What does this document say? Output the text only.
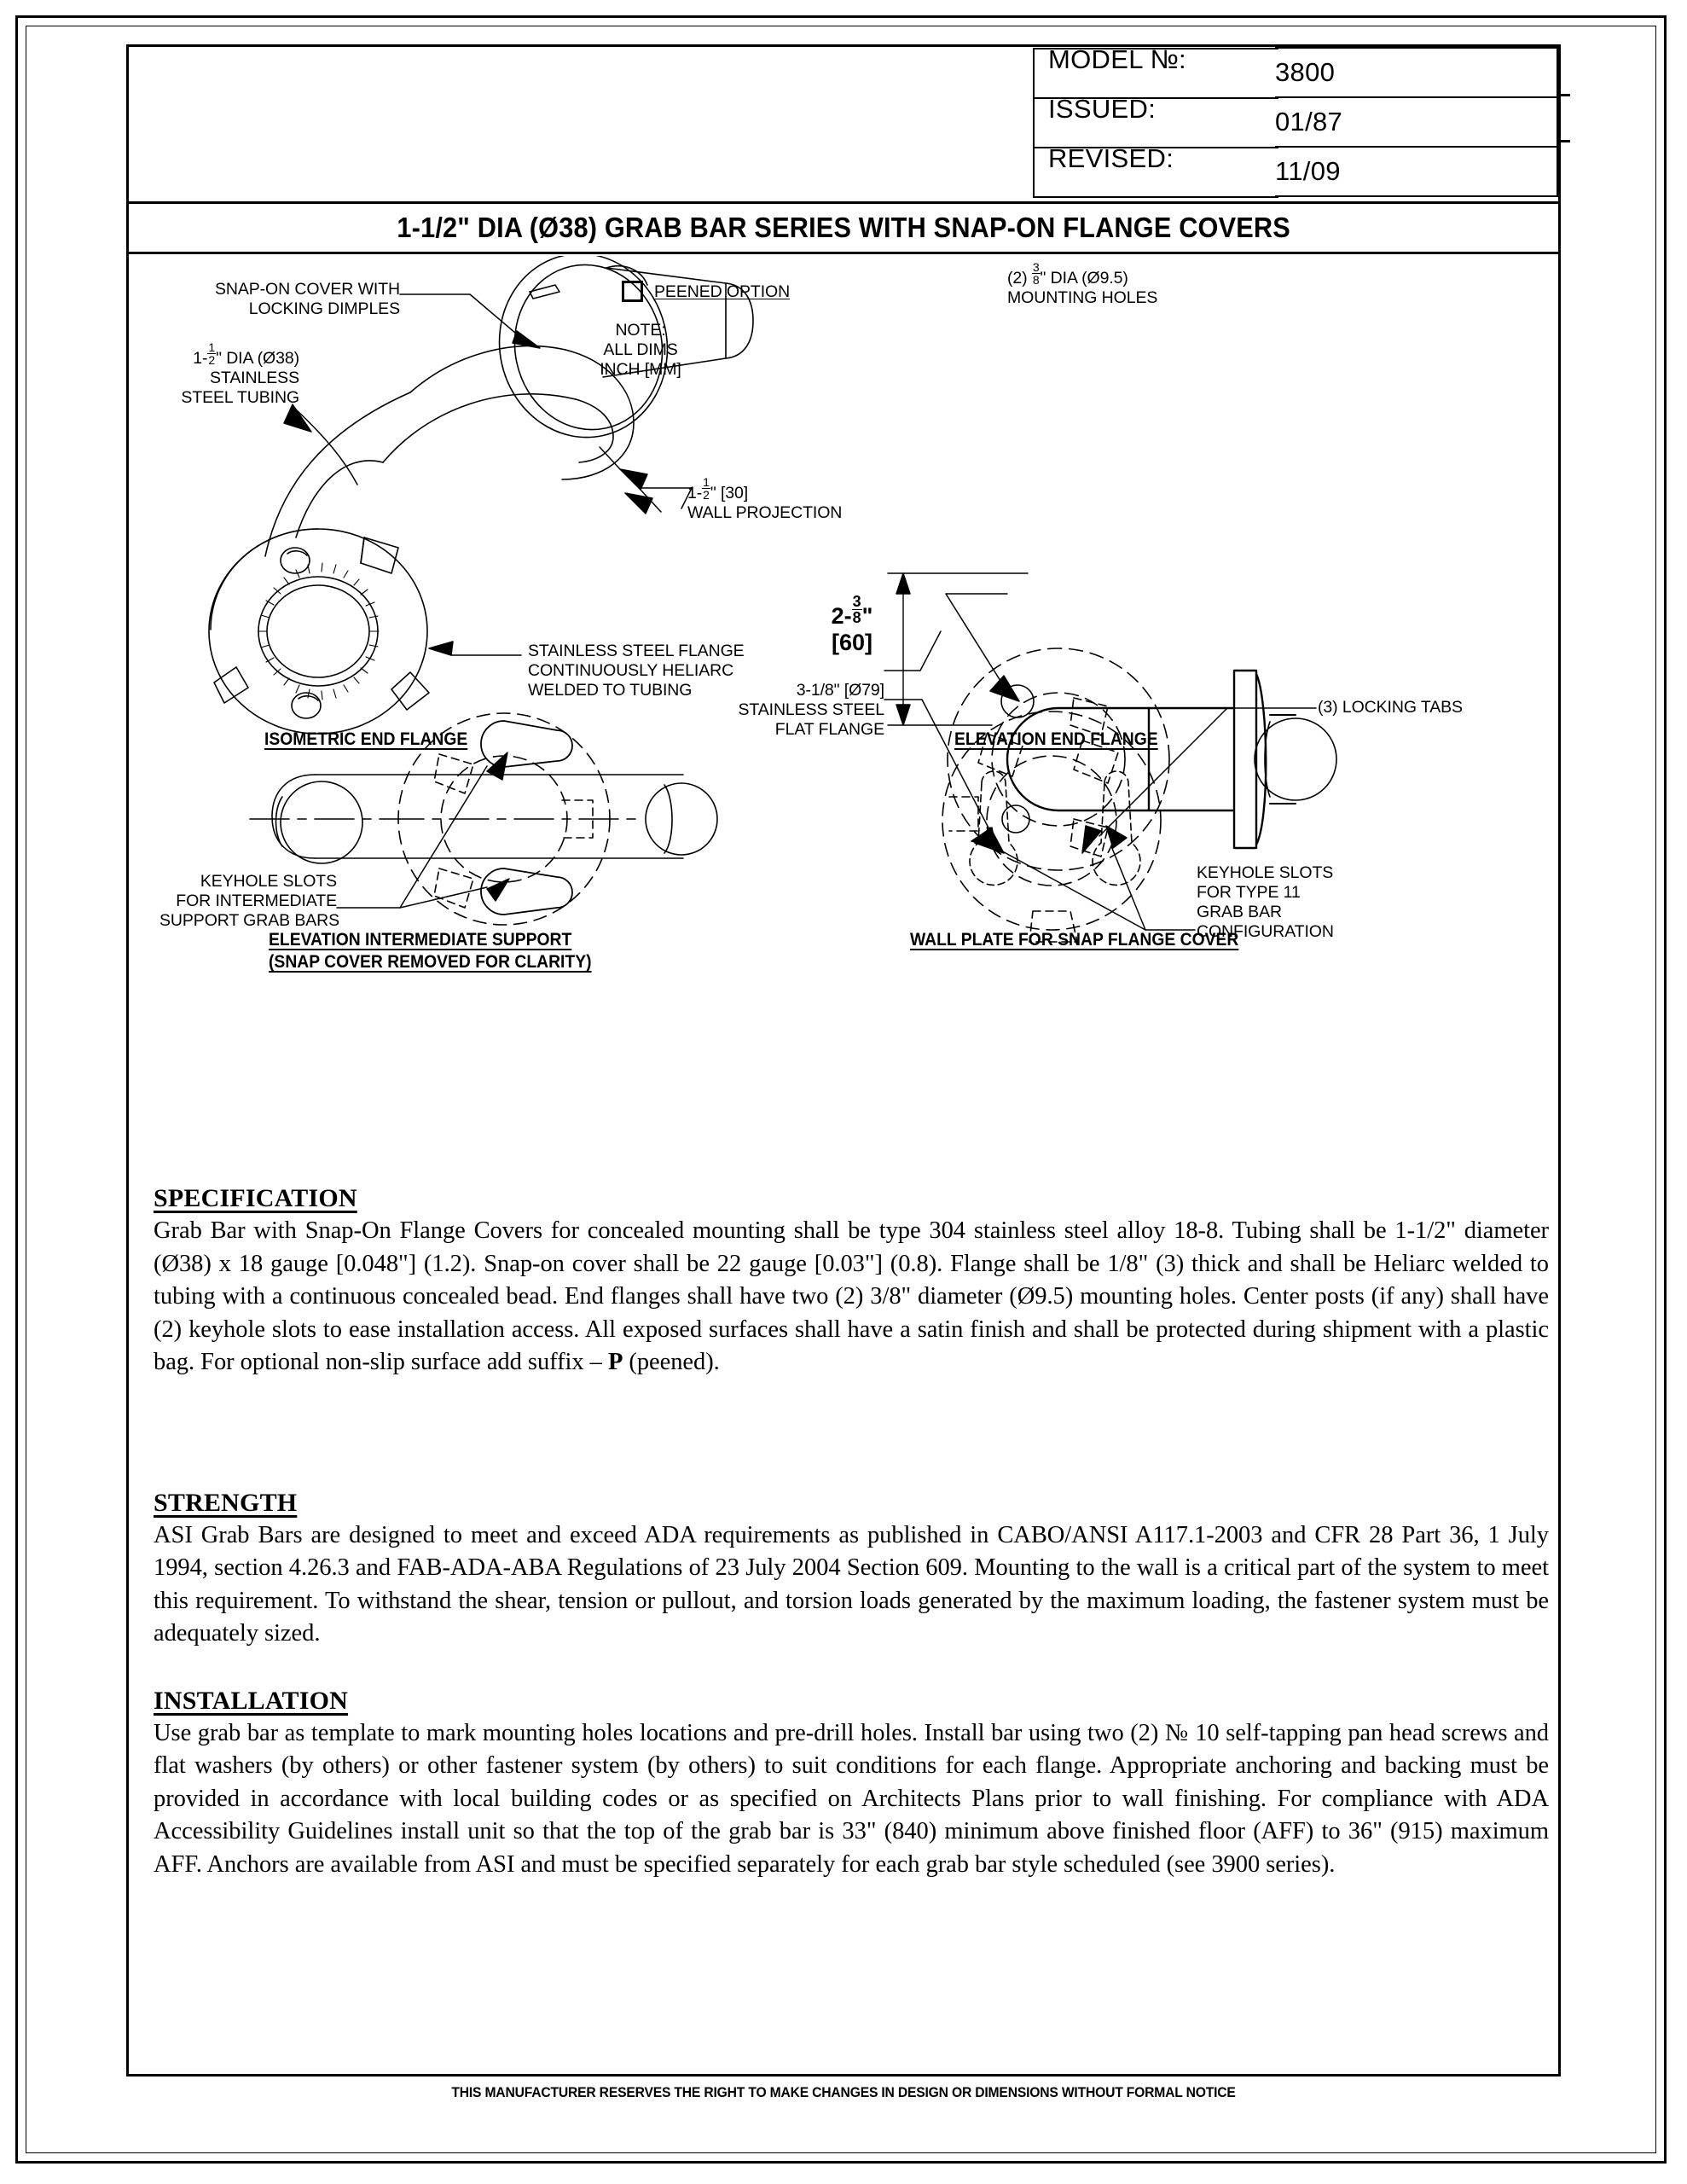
MODEL №:	3800

ISSUED:	01/87

REVISED:	11/09
1-1/2" DIA (Ø38) GRAB BAR SERIES WITH SNAP-ON FLANGE COVERS
SNAP-ON COVER WITH
LOCKING DIMPLES
$1- \frac{1}{2}$ " DIA (Ø38)
STAINLESS
STEEL TUBING
$1- \frac{1}{2}$ " [30]
WALL PROJECTION
STAINLESS STEEL FLANGE
CONTINUOUSLY HELIARC
WELDED TO TUBING
PEENED OPTION
NOTE:
ALL DIMS
INCH [MM]
$(2) \frac{3}{8}$ " DIA (Ø9.5)
MOUNTING HOLES
$2- \frac{3}{8}$ "
[60]
3-1/8" [Ø79]
STAINLESS STEEL
FLAT FLANGE
(3) LOCKING TABS
KEYHOLE SLOTS
FOR INTERMEDIATE
SUPPORT GRAB BARS
KEYHOLE SLOTS
FOR TYPE 11
GRAB BAR
CONFIGURATION
ISOMETRIC END FLANGE	ELEVATION END FLANGE
ELEVATION INTERMEDIATE SUPPORT
(SNAP COVER REMOVED FOR CLARITY)
WALL PLATE FOR SNAP FLANGE COVER
SPECIFICATION

Grab Bar with Snap-On Flange Covers for concealed mounting shall be type 304 stainless steel alloy 18-8. Tubing shall be 1-1/2" diameter (Ø38) x 18 gauge [0.048"] (1.2). Snap-on cover shall be 22 gauge [0.03"] (0.8). Flange shall be 1/8" (3) thick and shall be Heliarc welded to tubing with a continuous concealed bead. End flanges shall have two (2) 3/8" diameter (Ø9.5) mounting holes. Center posts (if any) shall have (2) keyhole slots to ease installation access. All exposed surfaces shall have a satin finish and shall be protected during shipment with a plastic bag. For optional non-slip surface add suffix – P (peened).

STRENGTH

ASI Grab Bars are designed to meet and exceed ADA requirements as published in CABO/ANSI A117.1-2003 and CFR 28 Part 36, 1 July 1994, section 4.26.3 and FAB-ADA-ABA Regulations of 23 July 2004 Section 609. Mounting to the wall is a critical part of the system to meet this requirement. To withstand the shear, tension or pullout, and torsion loads generated by the maximum loading, the fastener system must be adequately sized.

INSTALLATION

Use grab bar as template to mark mounting holes locations and pre-drill holes. Install bar using two (2) № 10 self-tapping pan head screws and flat washers (by others) or other fastener system (by others) to suit conditions for each flange. Appropriate anchoring and backing must be provided in accordance with local building codes or as specified on Architects Plans prior to wall finishing. For compliance with ADA Accessibility Guidelines install unit so that the top of the grab bar is 33" (840) minimum above finished floor (AFF) to 36" (915) maximum AFF. Anchors are available from ASI and must be specified separately for each grab bar style scheduled (see 3900 series).

THIS MANUFACTURER RESERVES THE RIGHT TO MAKE CHANGES IN DESIGN OR DIMENSIONS WITHOUT FORMAL NOTICE
